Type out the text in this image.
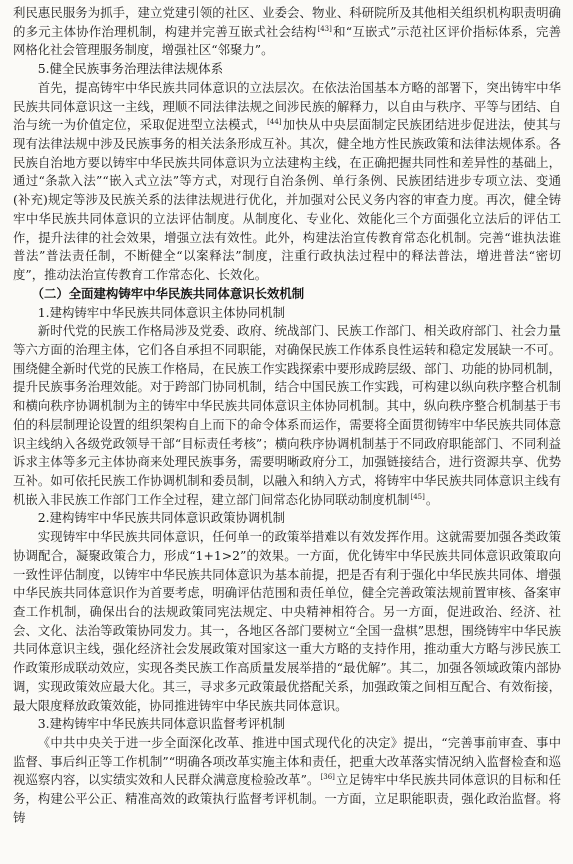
利民惠民服务为抓手，建立党建引领的社区、业委会、物业、科研院所及其他相关组织机构职责明确的多元主体协作治理机制，构建并完善互嵌式社会结构[43]和“互嵌式”示范社区评价指标体系，完善网格化社会管理服务制度，增强社区“邻聚力”。

5.健全民族事务治理法律法规体系

首先，提高铸牢中华民族共同体意识的立法层次。在依法治国基本方略的部署下，突出铸牢中华民族共同体意识这一主线，理顺不同法律法规之间涉民族的解释力，以自由与秩序、平等与团结、自治与统一为价值定位，采取促进型立法模式，[44]加快从中央层面制定民族团结进步促进法，使其与现有法律法规中涉及民族事务的相关法条形成互补。其次，健全地方性民族政策和法律法规体系。各民族自治地方要以铸牢中华民族共同体意识为立法建构主线，在正确把握共同性和差异性的基础上，通过“条款入法”“嵌入式立法”等方式，对现行自治条例、单行条例、民族团结进步专项立法、变通(补充)规定等涉及民族关系的法律法规进行优化，并加强对公民义务内容的审查力度。再次，健全铸牢中华民族共同体意识的立法评估制度。从制度化、专业化、效能化三个方面强化立法后的评估工作，提升法律的社会效果，增强立法有效性。此外，构建法治宣传教育常态化机制。完善“谁执法谁普法”普法责任制，不断健全“以案释法”制度，注重行政执法过程中的释法普法，增进普法“密切度”，推动法治宣传教育工作常态化、长效化。

（二）全面建构铸牢中华民族共同体意识长效机制
1.建构铸牢中华民族共同体意识主体协同机制

新时代党的民族工作格局涉及党委、政府、统战部门、民族工作部门、相关政府部门、社会力量等六方面的治理主体，它们各自承担不同职能，对确保民族工作体系良性运转和稳定发展缺一不可。围绕健全新时代党的民族工作格局，在民族工作实践探索中要形成跨层级、部门、功能的协同机制，提升民族事务治理效能。对于跨部门协同机制，结合中国民族工作实践，可构建以纵向秩序整合机制和横向秩序协调机制为主的铸牢中华民族共同体意识主体协同机制。其中，纵向秩序整合机制基于韦伯的科层制理论设置的组织架构自上而下的命令体系而运作，需要将全面贯彻铸牢中华民族共同体意识主线纳入各级党政领导干部“目标责任考核”；横向秩序协调机制基于不同政府职能部门、不同利益诉求主体等多元主体协商来处理民族事务，需要明晰政府分工，加强链接结合，进行资源共享、优势互补。如可依托民族工作协调机制和委员制，以融入和纳入方式，将铸牢中华民族共同体意识主线有机嵌入非民族工作部门工作全过程，建立部门间常态化协同联动制度机制[45]。

2.建构铸牢中华民族共同体意识政策协调机制

实现铸牢中华民族共同体意识，任何单一的政策举措难以有效发挥作用。这就需要加强各类政策协调配合，凝聚政策合力，形成“1+1>2”的效果。一方面，优化铸牢中华民族共同体意识政策取向一致性评估制度，以铸牢中华民族共同体意识为基本前提，把是否有利于强化中华民族共同体、增强中华民族共同体意识作为首要考虑，明确评估范围和责任单位，健全完善政策法规前置审核、备案审查工作机制，确保出台的法规政策同宪法规定、中央精神相符合。另一方面，促进政治、经济、社会、文化、法治等政策协同发力。其一，各地区各部门要树立“全国一盘棋”思想，围绕铸牢中华民族共同体意识主线，强化经济社会发展政策对国家这一重大方略的支持作用，推动重大方略与涉民族工作政策形成联动效应，实现各类民族工作高质量发展举措的“最优解”。其二，加强各领域政策内部协调，实现政策效应最大化。其三，寻求多元政策最优搭配关系，加强政策之间相互配合、有效衔接，最大限度释放政策效能，协同推进铸牢中华民族共同体意识。

3.建构铸牢中华民族共同体意识监督考评机制

《中共中央关于进一步全面深化改革、推进中国式现代化的决定》提出，“完善事前审查、事中监督、事后纠正等工作机制”“明确各项改革实施主体和责任，把重大改革落实情况纳入监督检查和巡视巡察内容，以实绩实效和人民群众满意度检验改革”。[36]立足铸牢中华民族共同体意识的目标和任务，构建公平公正、精准高效的政策执行监督考评机制。一方面，立足职能职责，强化政治监督。将铸
